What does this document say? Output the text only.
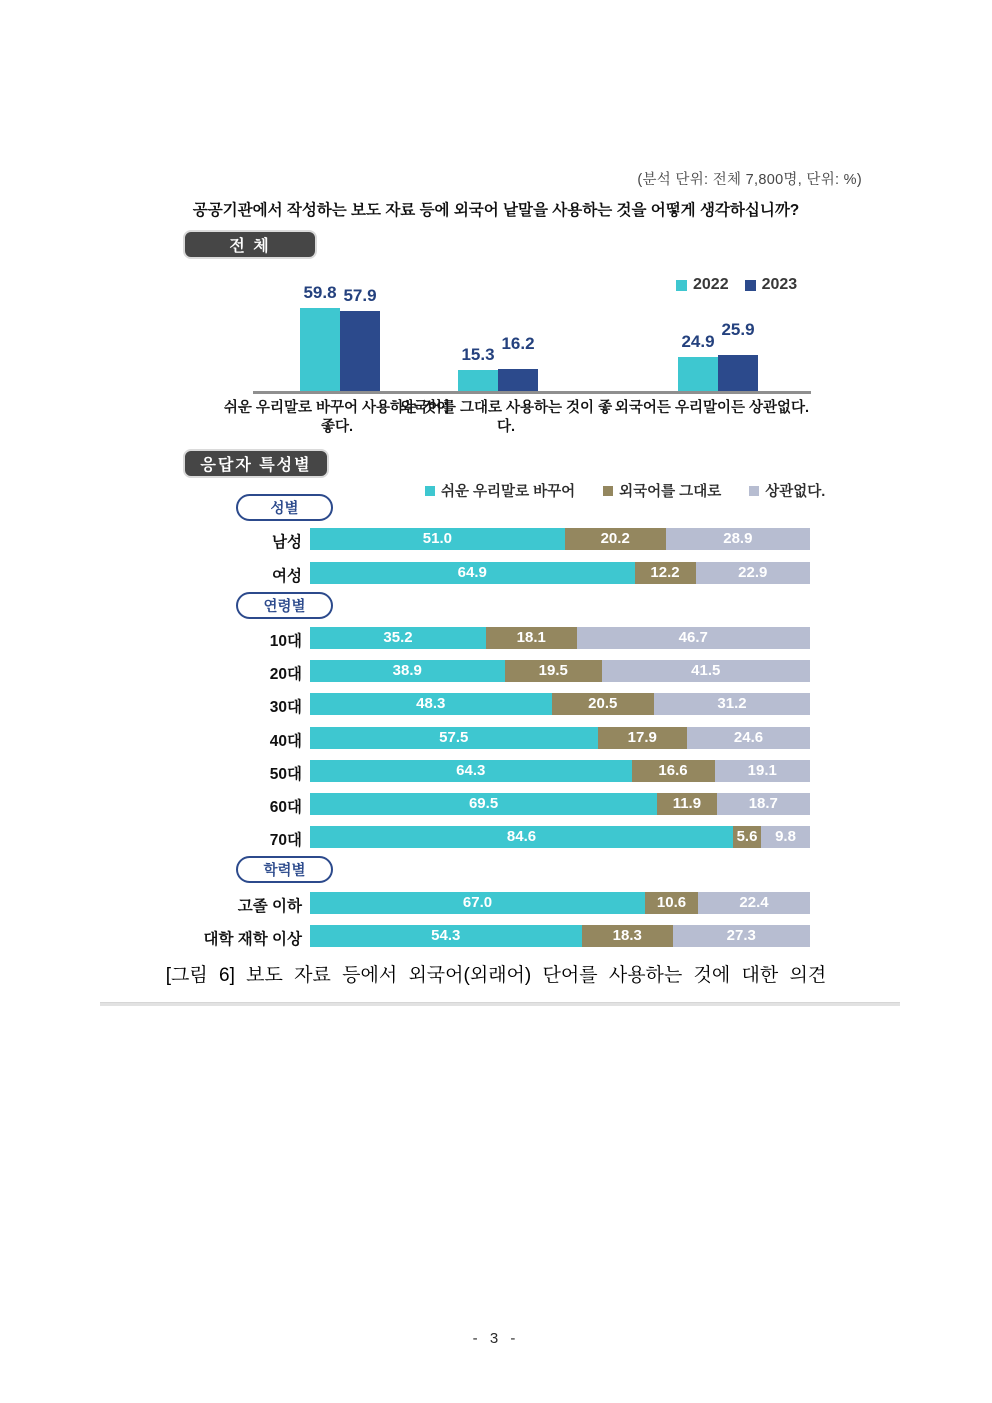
(분석 단위: 전체 7,800명, 단위: %)
공공기관에서 작성하는 보도 자료 등에 외국어 낱말을 사용하는 것을 어떻게 생각하십니까?
전 체
2022 2023
59.8 57.9
15.3
16.2	24.9
25.9
쉬운 우리말로 바꾸어 사용하는 것이 좋다.
외국어를 그대로 사용하는 것이 좋다.
외국어든 우리말이든 상관없다.
응답자 특성별
쉬운 우리말로 바꾸어	외국어를 그대로	상관없다.
성별
남성	51.0	20.2	28.9
여성	64.9	12.2	22.9
연령별
10대	35.2	18.1	46.7
20대	38.9	19.5	41.5
30대	48.3	20.5	31.2
40대	57.5	17.9	24.6
50대	64.3	16.6	19.1
60대	69.5	11.9	18.7
70대	84.6	5.6 9.8
학력별
고졸 이하	67.0	10.6	22.4
대학 재학 이상	54.3	18.3	27.3
[그림 6] 보도 자료 등에서 외국어(외래어) 단어를 사용하는 것에 대한 의견
- 3 -
